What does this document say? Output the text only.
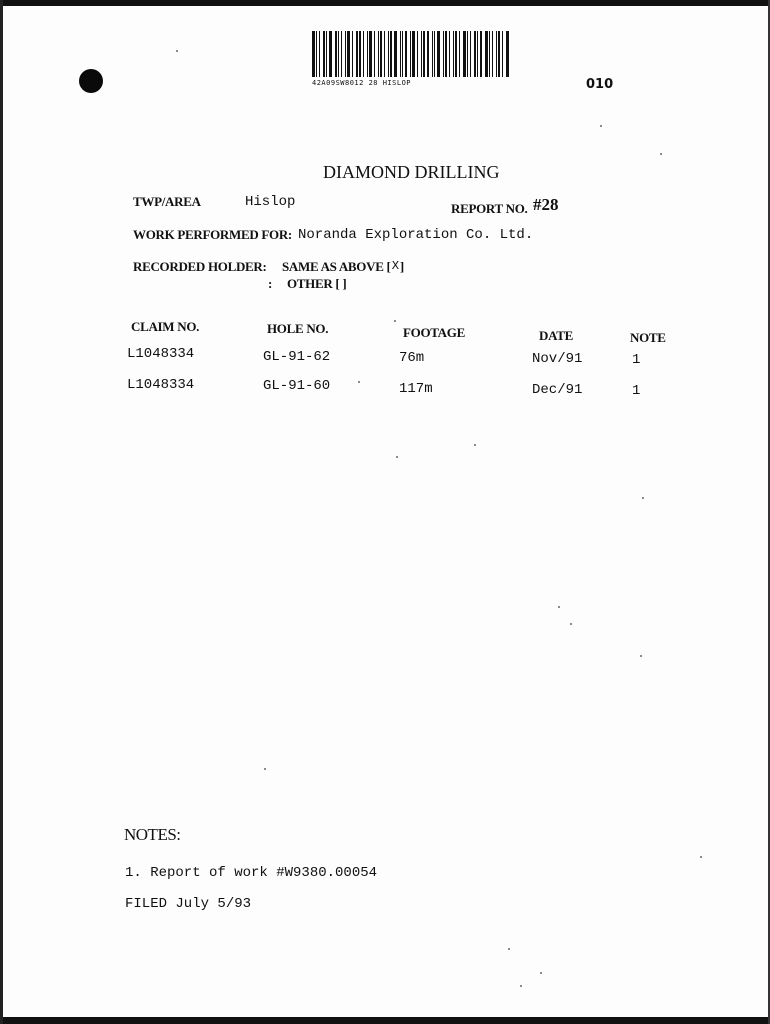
42A09SW8012 28 HISLOP	010
DIAMOND DRILLING
TWP/AREA	Hislop	REPORT NO. #28
WORK PERFORMED FOR: Noranda Exploration Co. Ltd.
RECORDED HOLDER: SAME AS ABOVE [$^X$]
: OTHER [ ]
CLAIM NO.	HOLE NO.	FOOTAGE	DATE	NOTE
L1048334	GL-91-62	76m	Nov/91	1
L1048334	GL-91-60	117m	Dec/91	1
NOTES:
1. Report of work #W9380.00054
FILED July 5/93
